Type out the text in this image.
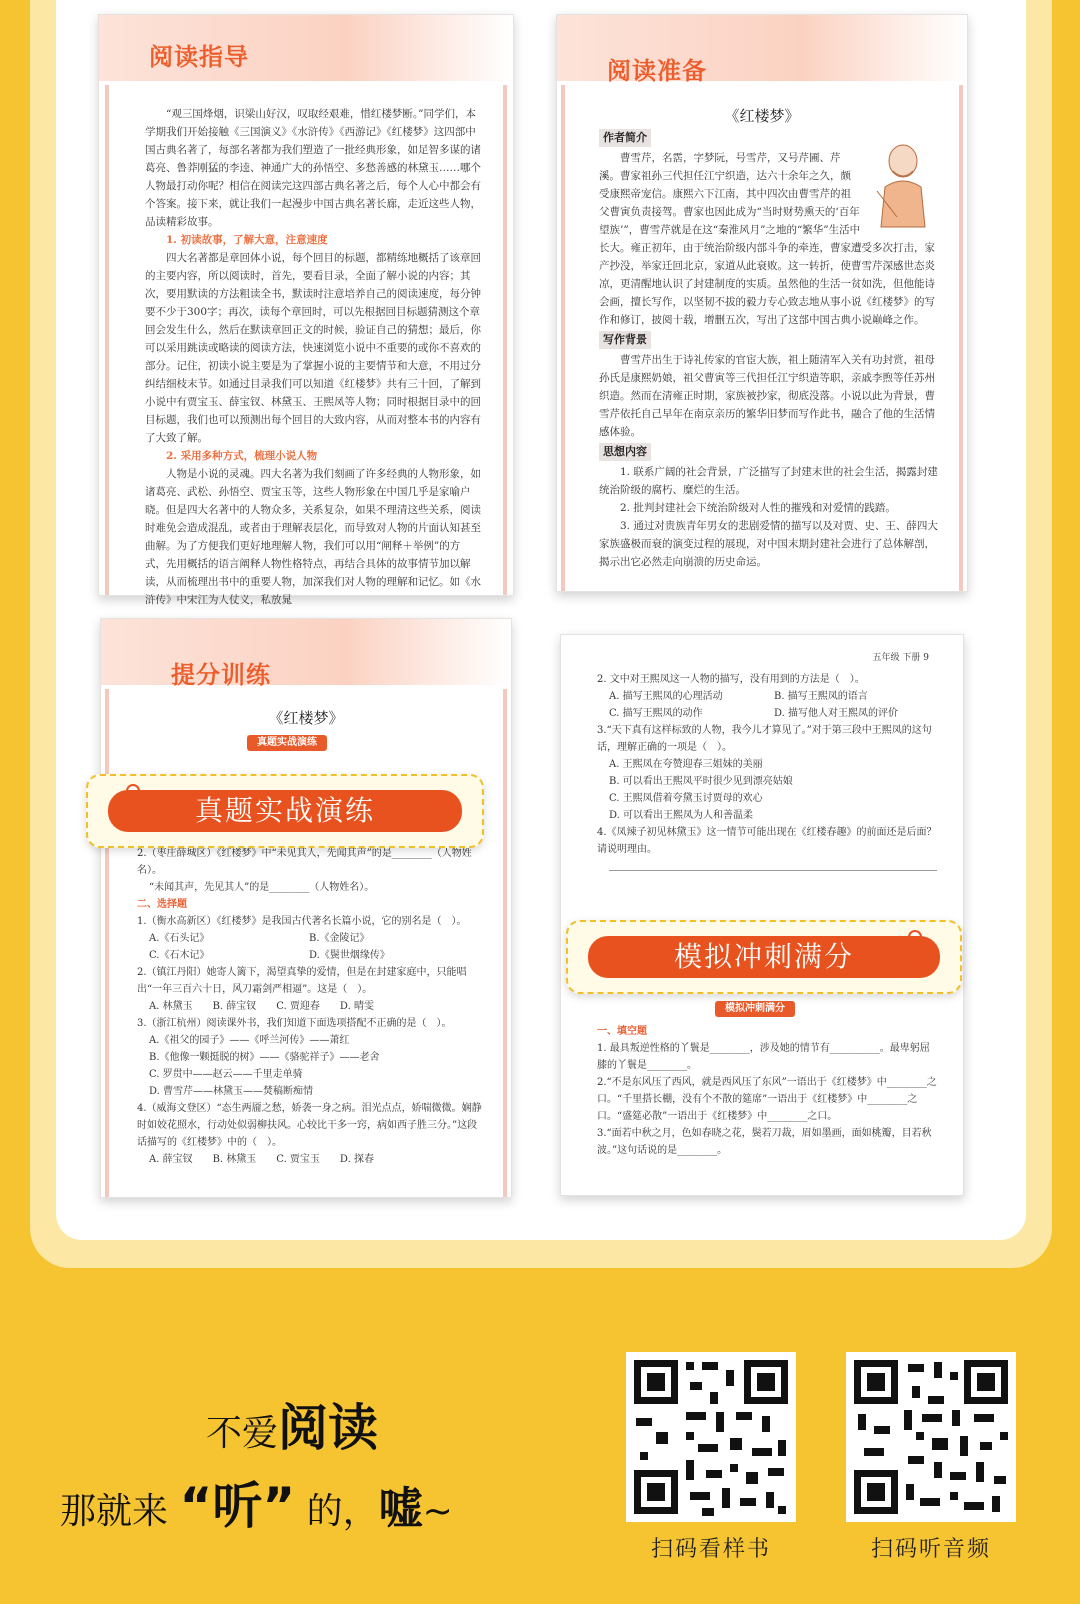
阅读指导

“观三国烽烟，识梁山好汉，叹取经艰难，惜红楼梦断。”同学们，本学期我们开始接触《三国演义》《水浒传》《西游记》《红楼梦》这四部中国古典名著了，每部名著都为我们塑造了一批经典形象，如足智多谋的诸葛亮、鲁莽刚猛的李逵、神通广大的孙悟空、多愁善感的林黛玉……哪个人物最打动你呢？相信在阅读完这四部古典名著之后，每个人心中都会有个答案。接下来，就让我们一起漫步中国古典名著长廊，走近这些人物，品读精彩故事。

1. 初读故事，了解大意，注意速度

四大名著都是章回体小说，每个回目的标题，都精练地概括了该章回的主要内容，所以阅读时，首先，要看目录，全面了解小说的内容；其次，要用默读的方法粗读全书，默读时注意培养自己的阅读速度，每分钟要不少于300字；再次，读每个章回时，可以先根据回目标题猜测这个章回会发生什么，然后在默读章回正文的时候，验证自己的猜想；最后，你可以采用跳读或略读的阅读方法，快速浏览小说中不重要的或你不喜欢的部分。记住，初读小说主要是为了掌握小说的主要情节和大意，不用过分纠结细枝末节。如通过目录我们可以知道《红楼梦》共有三十回，了解到小说中有贾宝玉、薛宝钗、林黛玉、王熙凤等人物；同时根据目录中的回目标题，我们也可以预测出每个回目的大致内容，从而对整本书的内容有了大致了解。

2. 采用多种方式，梳理小说人物

人物是小说的灵魂。四大名著为我们刻画了许多经典的人物形象，如诸葛亮、武松、孙悟空、贾宝玉等，这些人物形象在中国几乎是家喻户晓。但是四大名著中的人物众多，关系复杂，如果不理清这些关系，阅读时难免会造成混乱，或者由于理解表层化，而导致对人物的片面认知甚至曲解。为了方便我们更好地理解人物，我们可以用“闸释＋举例”的方式，先用概括的语言阐释人物性格特点，再结合具体的故事情节加以解读，从而梳理出书中的重要人物，加深我们对人物的理解和记忆。如《水浒传》中宋江为人仗义，私放晁

阅读准备
《红楼梦》
作者简介

曹雪芹，名霑，字梦阮，号雪芹，又号芹圃、芹溪。曹家祖孙三代担任江宁织造，达六十余年之久，颇受康熙帝宠信。康熙六下江南，其中四次由曹雪芹的祖父曹寅负责接驾。曹家也因此成为“当时财势熏天的‘百年望族’”，曹雪芹就是在这“秦淮风月”之地的“繁华”生活中长大。雍正初年，由于统治阶级内部斗争的牵连，曹家遭受多次打击，家产抄没，举家迁回北京，家道从此衰败。这一转折，使曹雪芹深感世态炎凉，更清醒地认识了封建制度的实质。虽然他的生活一贫如洗，但他能诗会画，擅长写作，以坚韧不拔的毅力专心致志地从事小说《红楼梦》的写作和修订，披阅十载，增删五次，写出了这部中国古典小说巅峰之作。

写作背景

曹雪芹出生于诗礼传家的官宦大族，祖上随清军入关有功封赏，祖母孙氏是康熙奶娘，祖父曹寅等三代担任江宁织造等职，亲戚李煦等任苏州织造。然而在清雍正时期，家族被抄家，彻底没落。小说以此为背景，曹雪芹依托自己早年在南京亲历的繁华旧梦而写作此书，融合了他的生活情感体验。

思想内容

1. 联系广阔的社会背景，广泛描写了封建末世的社会生活，揭露封建统治阶级的腐朽、糜烂的生活。

2. 批判封建社会下统治阶级对人性的摧残和对爱情的践踏。

3. 通过对贵族青年男女的悲剧爱情的描写以及对贾、史、王、薛四大家族盛极而衰的演变过程的展现，对中国末期封建社会进行了总体解剖，揭示出它必然走向崩溃的历史命运。

提分训练
《红楼梦》
真题实战演练
2.（枣庄薛城区）《红楼梦》中“未见其人，先闻其声”的是________（人物姓名）。
“未闻其声，先见其人”的是________（人物姓名）。
二、选择题
1.（衡水高新区）《红楼梦》是我国古代著名长篇小说，它的别名是（　）。
A.《石头记》	B.《金陵记》
C.《石木记》	D.《鬓世烟缘传》
2.（镇江丹阳）她寄人篱下，渴望真挚的爱情，但是在封建家庭中，只能唱出“一年三百六十日，风刀霜剑严相逼”。这是（　）。
A. 林黛玉　　B. 薛宝钗　　C. 贾迎春　　D. 晴雯
3.（浙江杭州）阅读课外书，我们知道下面选项搭配不正确的是（　）。
A.《祖父的园子》——《呼兰河传》——萧红
B.《他像一颗挺脱的树》——《骆驼祥子》——老舍
C. 罗贯中——赵云——千里走单骑
D. 曹雪芹——林黛玉——焚稿断痴情
4.（威海文登区）“态生两靥之愁，娇袭一身之病。泪光点点，娇喘微微。娴静时如姣花照水，行动处似弱柳扶风。心较比干多一窍，病如西子胜三分。”这段话描写的《红楼梦》中的（　）。
A. 薛宝钗　　B. 林黛玉　　C. 贾宝玉　　D. 探春
真题实战演练
五年级 下册 9
2. 文中对王熙凤这一人物的描写，没有用到的方法是（　）。
A. 描写王熙凤的心理活动	B. 描写王熙凤的语言
C. 描写王熙凤的动作	D. 描写他人对王熙凤的评价
3.“天下真有这样标致的人物，我今儿才算见了。”对于第三段中王熙凤的这句话，理解正确的一项是（　）。
A. 王熙凤在夸赞迎春三姐妹的美丽
B. 可以看出王熙凤平时很少见到漂亮姑娘
C. 王熙凤借着夸黛玉讨贾母的欢心
D. 可以看出王熙凤为人和善温柔
4.《凤辣子初见林黛玉》这一情节可能出现在《红楼春趣》的前面还是后面？请说明理由。
模拟冲刺满分
一、填空题
1. 最具叛逆性格的丫鬟是________，涉及她的情节有__________。最卑躬屈膝的丫鬟是________。
2.“不是东风压了西风，就是西风压了东风”一语出于《红楼梦》中________之口。“千里搭长棚，没有个不散的筵席”一语出于《红楼梦》中________之口。“盛筵必散”一语出于《红楼梦》中________之口。
3.“面若中秋之月，色如春晓之花，鬓若刀裁，眉如墨画，面如桃瓣，目若秋波。”这句话说的是________。
模拟冲刺满分
不爱阅读
那就来 “听” 的，嘘~
扫码看样书	扫码听音频
